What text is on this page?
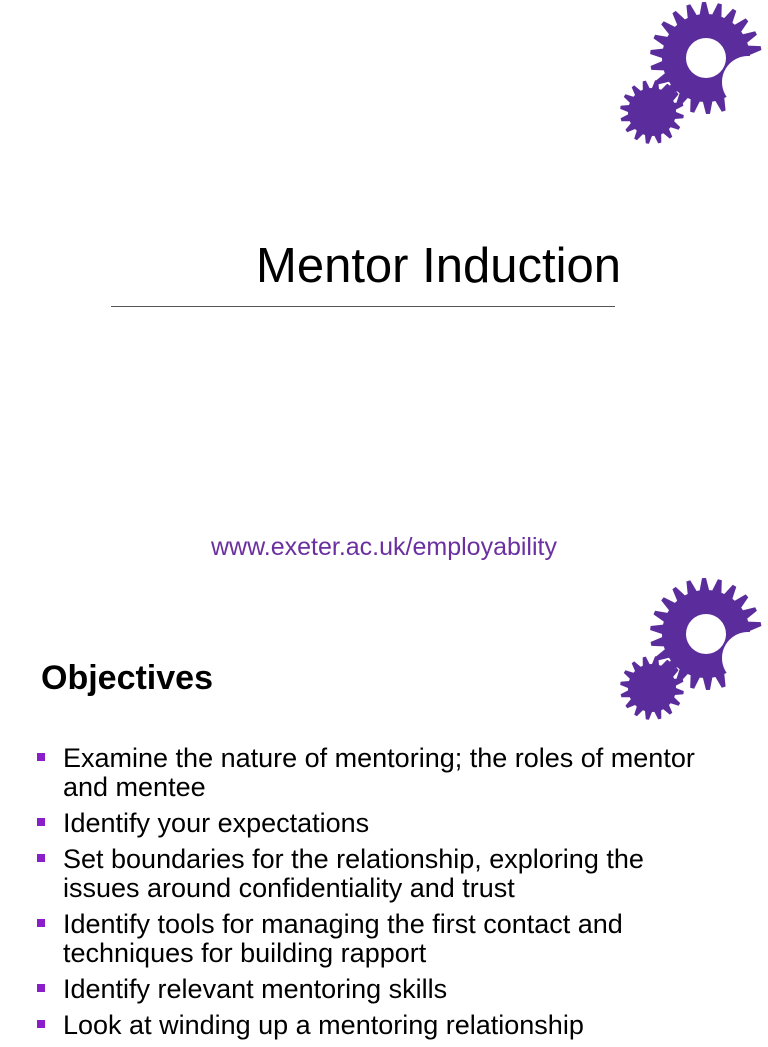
Mentor Induction
www.exeter.ac.uk/employability
Objectives
Examine the nature of mentoring; the roles of mentor and mentee
Identify your expectations
Set boundaries for the relationship, exploring the issues around confidentiality and trust
Identify tools for managing the first contact and techniques for building rapport
Identify relevant mentoring skills
Look at winding up a mentoring relationship
